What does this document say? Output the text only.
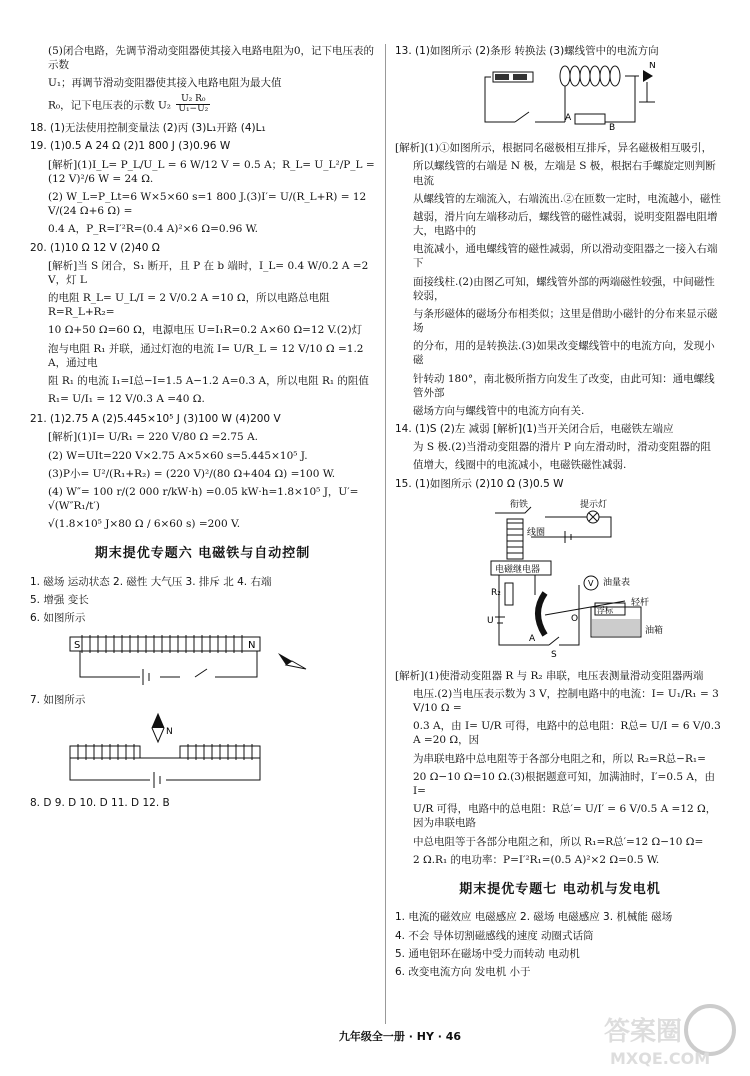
(5)闭合电路，先调节滑动变阻器使其接入电路电阻为0，记下电压表的示数
U₁；再调节滑动变阻器使其接入电路电阻为最大值
R₀，记下电压表的示数 $U_2 \frac{\text{U₂ R₀}}{\text{U₁−U₂}}$
18. (1)无法使用控制变量法 (2)丙 (3)L₁开路 (4)L₁
19. (1)0.5 A 24 Ω (2)1 800 J (3)0.96 W
[解析](1)I_L= P_L/U_L = 6 W/12 V = 0.5 A；R_L= U_L²/P_L = (12 V)²/6 W = 24 Ω.
(2) W_L=P_Lt=6 W×5×60 s=1 800 J.(3)I′= U/(R_L+R) = 12 V/(24 Ω+6 Ω) =
0.4 A，P_R=I′²R=(0.4 A)²×6 Ω=0.96 W.
20. (1)10 Ω 12 V (2)40 Ω
[解析]当 S 闭合，S₁ 断开，且 P 在 b 端时，I_L= 0.4 W/0.2 A =2 V，灯 L
的电阻 R_L= U_L/I = 2 V/0.2 A =10 Ω，所以电路总电阻 R=R_L+R₂=
10 Ω+50 Ω=60 Ω，电源电压 U=I₁R=0.2 A×60 Ω=12 V.(2)灯
泡与电阻 R₁ 并联，通过灯泡的电流 I= U/R_L = 12 V/10 Ω =1.2 A，通过电
阻 R₁ 的电流 I₁=I总−I=1.5 A−1.2 A=0.3 A，所以电阻 R₁ 的阻值
R₁= U/I₁ = 12 V/0.3 A =40 Ω.
21. (1)2.75 A (2)5.445×10⁵ J (3)100 W (4)200 V
[解析](1)I= U/R₁ = 220 V/80 Ω =2.75 A.
(2) W=UIt=220 V×2.75 A×5×60 s=5.445×10⁵ J.
(3)P小= U²/(R₁+R₂) = (220 V)²/(80 Ω+404 Ω) =100 W.
(4) W″= 100 r/(2 000 r/kW·h) =0.05 kW·h=1.8×10⁵ J，U′= √(W″R₁/t′)
√(1.8×10⁵ J×80 Ω / 6×60 s) =200 V.
期末提优专题六 电磁铁与自动控制
1. 磁场 运动状态 2. 磁性 大气压 3. 排斥 北 4. 右端
5. 增强 变长
6. 如图所示
S	N
7. 如图所示
N
8. D 9. D 10. D 11. D 12. B
13. (1)如图所示 (2)条形 转换法 (3)螺线管中的电流方向
N
A
B
[解析](1)①如图所示，根据同名磁极相互排斥，异名磁极相互吸引，
所以螺线管的右端是 N 极，左端是 S 极，根据右手螺旋定则判断电流
从螺线管的左端流入，右端流出.②在匝数一定时，电流越小，磁性
越弱，滑片向左端移动后，螺线管的磁性减弱，说明变阻器电阻增大，电路中的
电流减小，通电螺线管的磁性减弱，所以滑动变阻器之一接入右端下
面接线柱.(2)由图乙可知，螺线管外部的两端磁性较强，中间磁性较弱，
与条形磁体的磁场分布相类似；这里是借助小磁针的分布来显示磁场
的分布，用的是转换法.(3)如果改变螺线管中的电流方向，发现小磁
针转动 180°，南北极所指方向发生了改变，由此可知：通电螺线管外部
磁场方向与螺线管中的电流方向有关.
14. (1)S (2)左 减弱 [解析](1)当开关闭合后，电磁铁左端应
为 S 极.(2)当滑动变阻器的滑片 P 向左滑动时，滑动变阻器的阻
值增大，线圈中的电流减小，电磁铁磁性减弱.
15. (1)如图所示 (2)10 Ω (3)0.5 W
衔铁	提示灯
线圈
电磁继电器
R₂
U
S
A
V 油量表
O
轻杆
浮标
油箱
[解析](1)使滑动变阻器 R 与 R₂ 串联，电压表测量滑动变阻器两端
电压.(2)当电压表示数为 3 V，控制电路中的电流：I= U₁/R₁ = 3 V/10 Ω =
0.3 A，由 I= U/R 可得，电路中的总电阻：R总= U/I = 6 V/0.3 A =20 Ω，因
为串联电路中总电阻等于各部分电阻之和，所以 R₂=R总−R₁=
20 Ω−10 Ω=10 Ω.(3)根据题意可知，加满油时，I′=0.5 A，由 I=
U/R 可得，电路中的总电阻：R总′= U/I′ = 6 V/0.5 A =12 Ω，因为串联电路
中总电阻等于各部分电阻之和，所以 R₁=R总′=12 Ω−10 Ω=
2 Ω.R₁ 的电功率：P=I′²R₁=(0.5 A)²×2 Ω=0.5 W.
期末提优专题七 电动机与发电机
1. 电流的磁效应 电磁感应 2. 磁场 电磁感应 3. 机械能 磁场
4. 不会 导体切割磁感线的速度 动圈式话筒
5. 通电铝环在磁场中受力而转动 电动机
6. 改变电流方向 发电机 小于
九年级全一册 · HY · 46	答案圈
MXQE.COM
